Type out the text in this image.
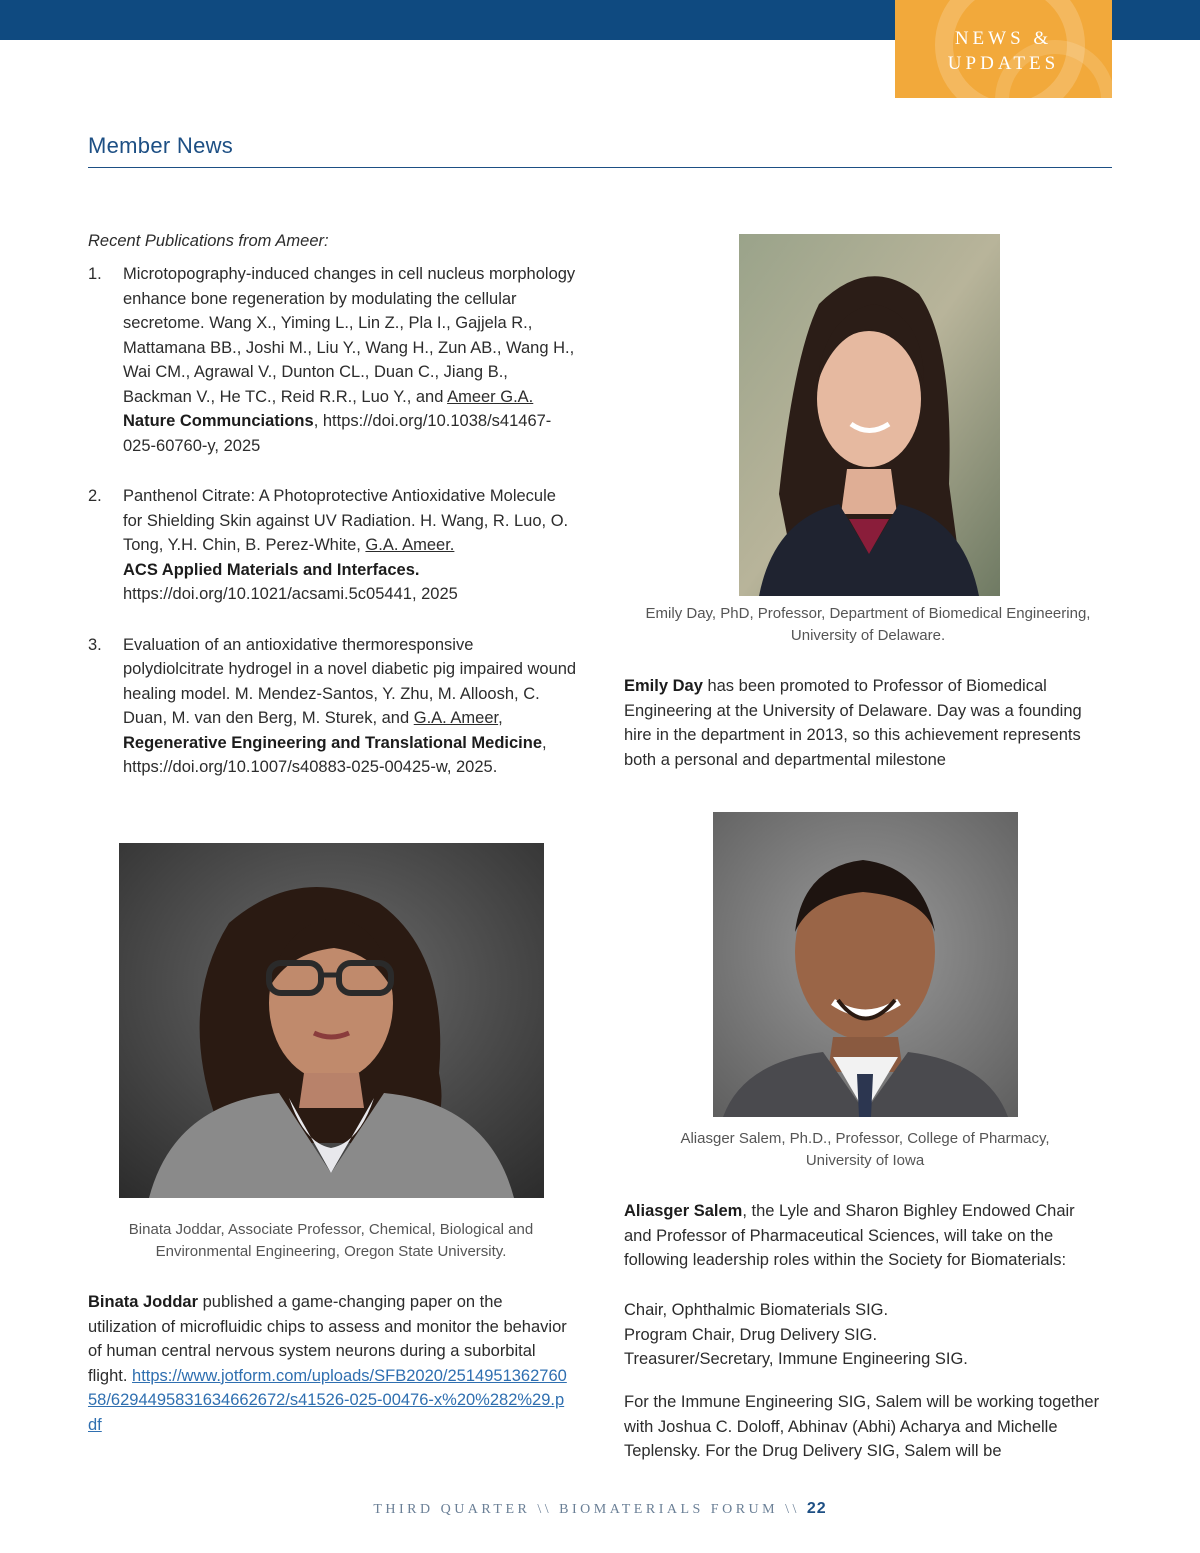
NEWS &
UPDATES
Member News
Recent Publications from Ameer:
1. Microtopography-induced changes in cell nucleus morphology enhance bone regeneration by modulating the cellular secretome. Wang X., Yiming L., Lin Z., Pla I., Gajjela R., Mattamana BB., Joshi M., Liu Y., Wang H., Zun AB., Wang H., Wai CM., Agrawal V., Dunton CL., Duan C., Jiang B., Backman V., He TC., Reid R.R., Luo Y., and Ameer G.A.
Nature Communciations, https://doi.org/10.1038/s41467-025-60760-y, 2025
2. Panthenol Citrate: A Photoprotective Antioxidative Molecule for Shielding Skin against UV Radiation. H. Wang, R. Luo, O. Tong, Y.H. Chin, B. Perez-White, G.A. Ameer.
ACS Applied Materials and Interfaces. https://doi.org/10.1021/acsami.5c05441, 2025
3. Evaluation of an antioxidative thermoresponsive polydiolcitrate hydrogel in a novel diabetic pig impaired wound healing model. M. Mendez-Santos, Y. Zhu, M. Alloosh, C. Duan, M. van den Berg, M. Sturek, and G.A. Ameer, Regenerative Engineering and Translational Medicine, https://doi.org/10.1007/s40883-025-00425-w, 2025.
Emily Day, PhD, Professor, Department of Biomedical Engineering,
University of Delaware.
Emily Day has been promoted to Professor of Biomedical Engineering at the University of Delaware. Day was a founding hire in the department in 2013, so this achievement represents both a personal and departmental milestone
Binata Joddar, Associate Professor, Chemical, Biological and
Environmental Engineering, Oregon State University.
Binata Joddar published a game-changing paper on the utilization of microfluidic chips to assess and monitor the behavior of human central nervous system neurons during a suborbital flight. https://www.jotform.com/uploads/SFB2020/251495136276058/6294495831634662672/s41526-025-00476-x%20%282%29.pdf
Aliasger Salem, Ph.D., Professor, College of Pharmacy,
University of Iowa
Aliasger Salem, the Lyle and Sharon Bighley Endowed Chair and Professor of Pharmaceutical Sciences, will take on the following leadership roles within the Society for Biomaterials:
Chair, Ophthalmic Biomaterials SIG.
Program Chair, Drug Delivery SIG.
Treasurer/Secretary, Immune Engineering SIG.
For the Immune Engineering SIG, Salem will be working together with Joshua C. Doloff, Abhinav (Abhi) Acharya and Michelle Teplensky. For the Drug Delivery SIG, Salem will be
THIRD QUARTER \\ BIOMATERIALS FORUM \\ 22
